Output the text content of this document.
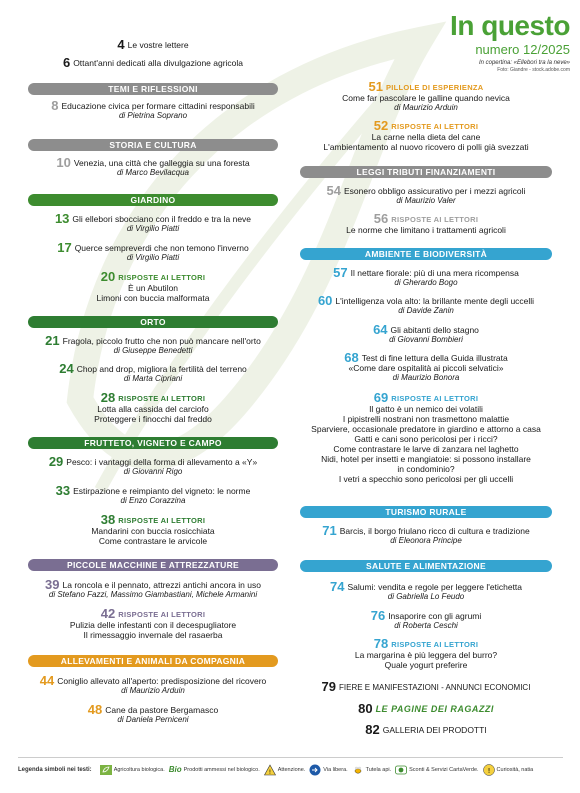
In questo
numero 12/2025
In copertina: «Ellebori tra la neve»
Foto: Giandre - stock.adobe.com
4 Le vostre lettere
6 Ottant'anni dedicati alla divulgazione agricola
TEMI E RIFLESSIONI
8 Educazione civica per formare cittadini responsabili
di Pietrina Soprano
STORIA E CULTURA
10 Venezia, una città che galleggia su una foresta
di Marco Bevilacqua
GIARDINO
13 Gli ellebori sbocciano con il freddo e tra la neve
di Virgilio Piatti
17 Querce sempreverdi che non temono l'inverno
di Virgilio Piatti
20 RISPOSTE AI LETTORI
È un Abutilon
Limoni con buccia malformata
ORTO
21 Fragola, piccolo frutto che non può mancare nell'orto
di Giuseppe Benedetti
24 Chop and drop, migliora la fertilità del terreno
di Marta Cipriani
28 RISPOSTE AI LETTORI
Lotta alla cassida del carciofo
Proteggere i finocchi dal freddo
FRUTTETO, VIGNETO E CAMPO
29 Pesco: i vantaggi della forma di allevamento a «Y»
di Giovanni Rigo
33 Estirpazione e reimpianto del vigneto: le norme
di Enzo Corazzina
38 RISPOSTE AI LETTORI
Mandarini con buccia rosicchiata
Come contrastare le arvicole
PICCOLE MACCHINE E ATTREZZATURE
39 La roncola e il pennato, attrezzi antichi ancora in uso
di Stefano Fazzi, Massimo Giambastiani, Michele Armanini
42 RISPOSTE AI LETTORI
Pulizia delle infestanti con il decespugliatore
Il rimessaggio invernale del rasaerba
ALLEVAMENTI E ANIMALI DA COMPAGNIA
44 Coniglio allevato all'aperto: predisposizione del ricovero
di Maurizio Arduin
48 Cane da pastore Bergamasco
di Daniela Perniceni
51 PILLOLE DI ESPERIENZA
Come far pascolare le galline quando nevica
di Maurizio Arduin
52 RISPOSTE AI LETTORI
La carne nella dieta del cane
L'ambientamento al nuovo ricovero di polli già svezzati
LEGGI TRIBUTI FINANZIAMENTI
54 Esonero obbligo assicurativo per i mezzi agricoli
di Maurizio Valer
56 RISPOSTE AI LETTORI
Le norme che limitano i trattamenti agricoli
AMBIENTE E BIODIVERSITÀ
57 Il nettare fiorale: più di una mera ricompensa
di Gherardo Bogo
60 L'intelligenza vola alto: la brillante mente degli uccelli
di Davide Zanin
64 Gli abitanti dello stagno
di Giovanni Bombieri
68 Test di fine lettura della Guida illustrata
«Come dare ospitalità ai piccoli selvatici»
di Maurizio Bonora
69 RISPOSTE AI LETTORI
Il gatto è un nemico dei volatili
I pipistrelli nostrani non trasmettono malattie
Sparviere, occasionale predatore in giardino e attorno a casa
Gatti e cani sono pericolosi per i ricci?
Come contrastare le larve di zanzara nel laghetto
Nidi, hotel per insetti e mangiatoie: si possono installare
in condominio?
I vetri a specchio sono pericolosi per gli uccelli
TURISMO RURALE
71 Barcis, il borgo friulano ricco di cultura e tradizione
di Eleonora Principe
SALUTE E ALIMENTAZIONE
74 Salumi: vendita e regole per leggere l'etichetta
di Gabriella Lo Feudo
76 Insaporire con gli agrumi
di Roberta Ceschi
78 RISPOSTE AI LETTORI
La margarina è più leggera del burro?
Quale yogurt preferire
79 FIERE E MANIFESTAZIONI - ANNUNCI ECONOMICI
80 LE PAGINE DEI RAGAZZI
82 GALLERIA DEI PRODOTTI
Legenda simboli nei testi:	Agricoltura biologica. Bio Prodotti ammessi nel biologico. ! Attenzione.	Via libera.	Tutela api.	Sconti & Servizi CartaVerde. ! Curiosità, natia
